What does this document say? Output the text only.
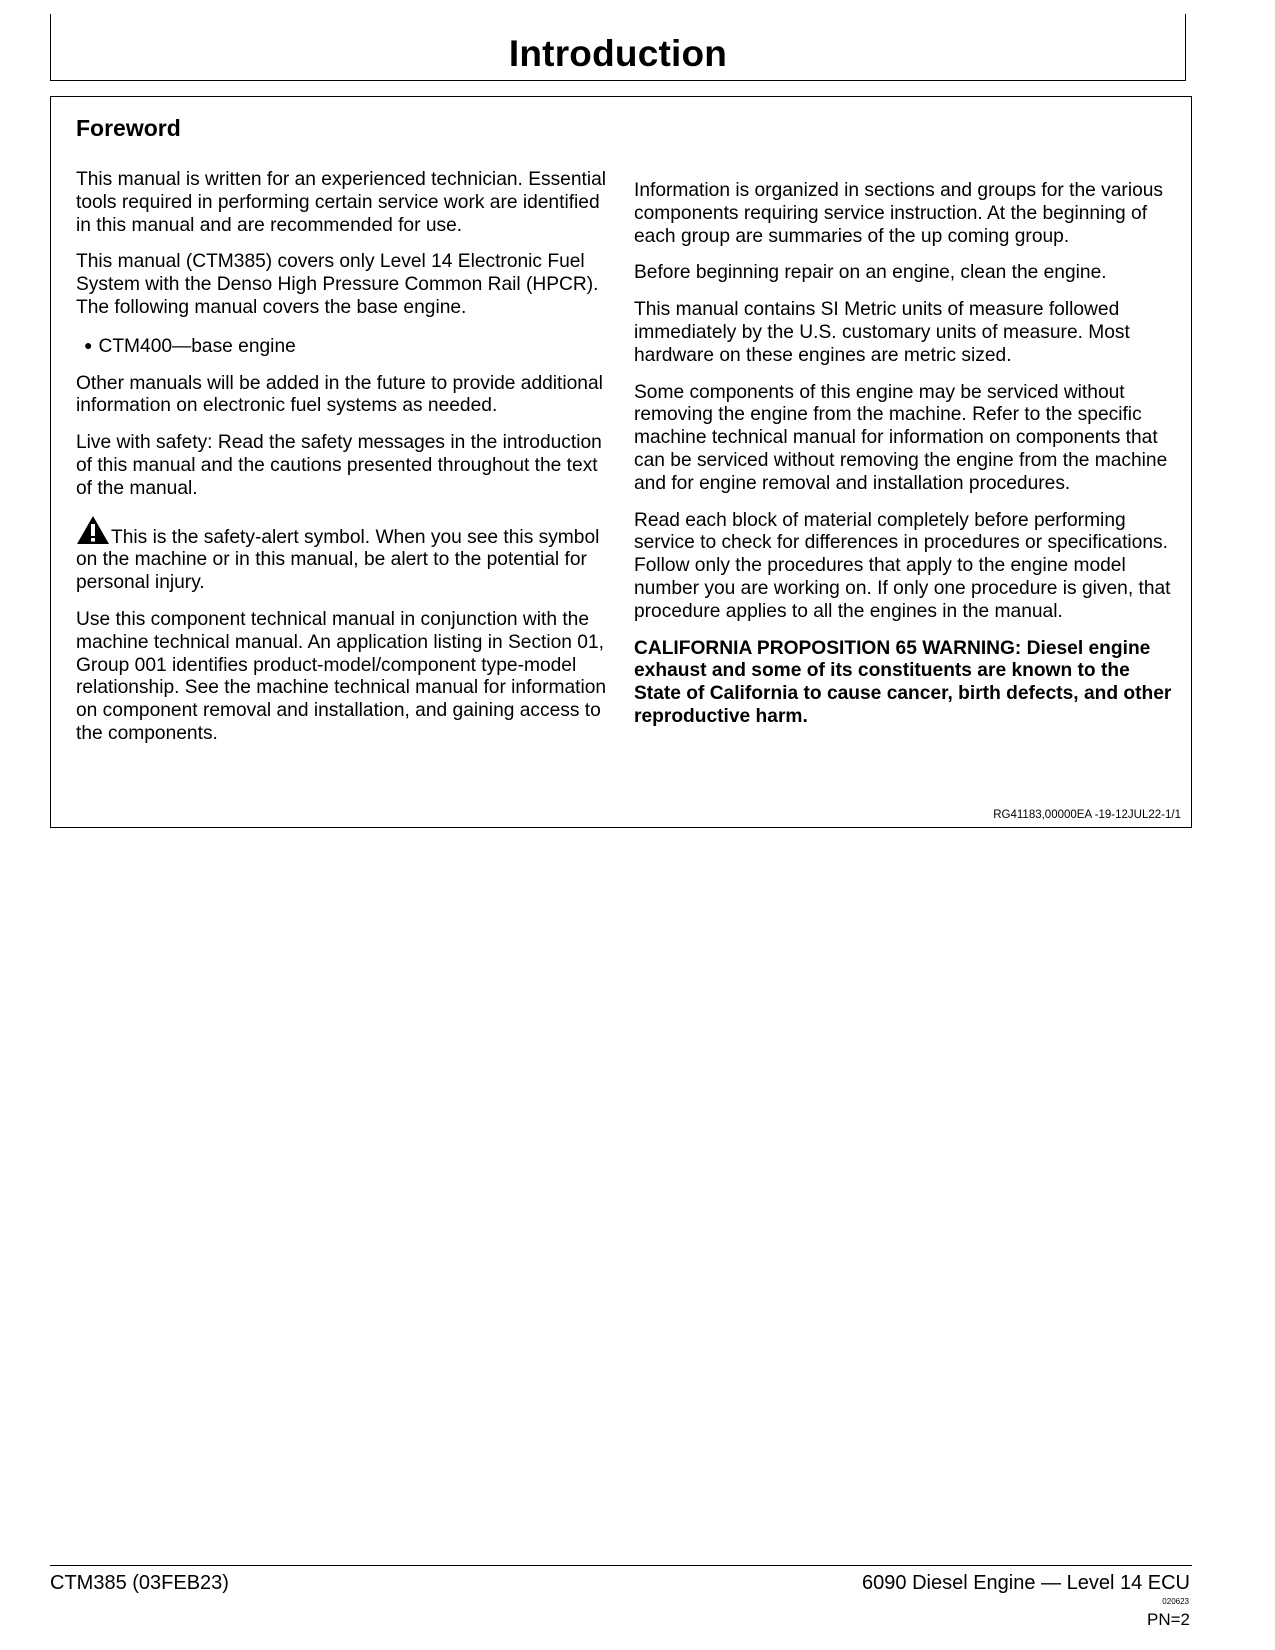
Introduction
Foreword

This manual is written for an experienced technician. Essential tools required in performing certain service work are identified in this manual and are recommended for use.

This manual (CTM385) covers only Level 14 Electronic Fuel System with the Denso High Pressure Common Rail (HPCR). The following manual covers the base engine.

● CTM400—base engine

Other manuals will be added in the future to provide additional information on electronic fuel systems as needed.

Live with safety: Read the safety messages in the introduction of this manual and the cautions presented throughout the text of the manual.

This is the safety-alert symbol. When you see this symbol on the machine or in this manual, be alert to the potential for personal injury.

Use this component technical manual in conjunction with the machine technical manual. An application listing in Section 01, Group 001 identifies product-model/component type-model relationship. See the machine technical manual for information on component removal and installation, and gaining access to the components.

Information is organized in sections and groups for the various components requiring service instruction. At the beginning of each group are summaries of the up coming group.

Before beginning repair on an engine, clean the engine.

This manual contains SI Metric units of measure followed immediately by the U.S. customary units of measure. Most hardware on these engines are metric sized.

Some components of this engine may be serviced without removing the engine from the machine. Refer to the specific machine technical manual for information on components that can be serviced without removing the engine from the machine and for engine removal and installation procedures.

Read each block of material completely before performing service to check for differences in procedures or specifications. Follow only the procedures that apply to the engine model number you are working on. If only one procedure is given, that procedure applies to all the engines in the manual.

CALIFORNIA PROPOSITION 65 WARNING: Diesel engine exhaust and some of its constituents are known to the State of California to cause cancer, birth defects, and other reproductive harm.

RG41183,00000EA -19-12JUL22-1/1
CTM385 (03FEB23)	6090 Diesel Engine — Level 14 ECU
020623
PN=2
